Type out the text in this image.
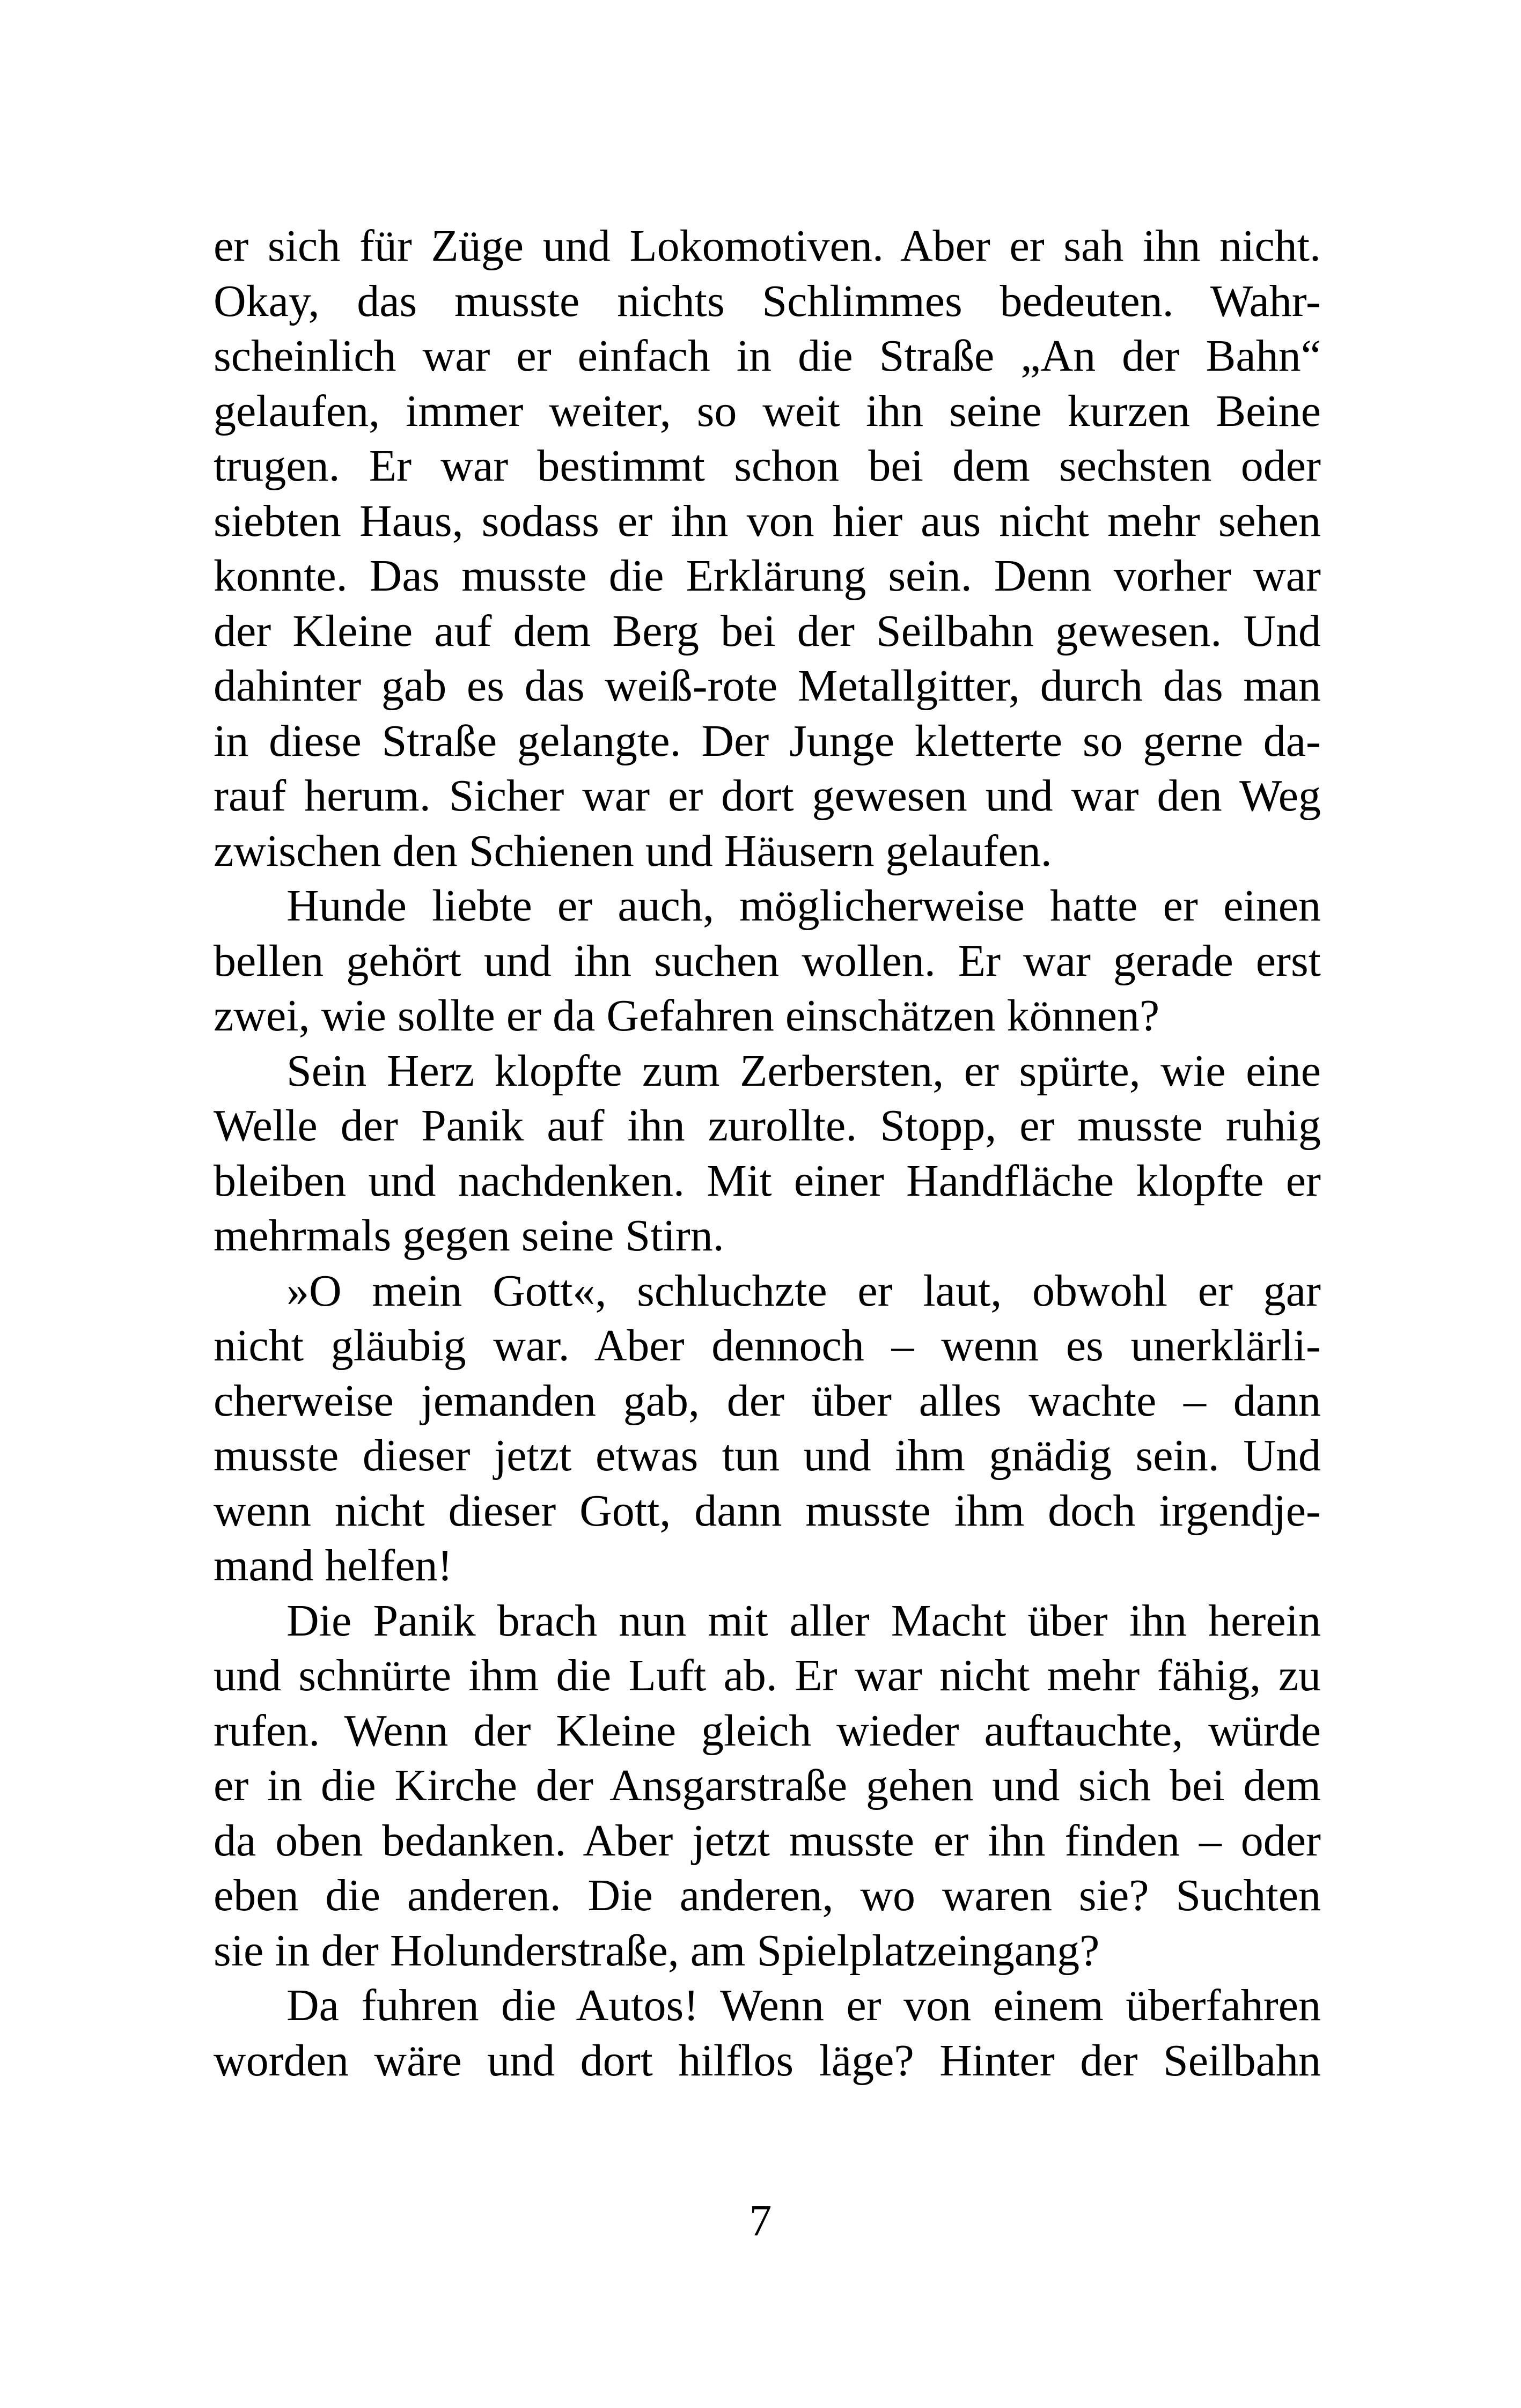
er sich für Züge und Lokomotiven. Aber er sah ihn nicht.
Okay, das musste nichts Schlimmes bedeuten. Wahr-
scheinlich war er einfach in die Straße „An der Bahn“
gelaufen, immer weiter, so weit ihn seine kurzen Beine
trugen. Er war bestimmt schon bei dem sechsten oder
siebten Haus, sodass er ihn von hier aus nicht mehr sehen
konnte. Das musste die Erklärung sein. Denn vorher war
der Kleine auf dem Berg bei der Seilbahn gewesen. Und
dahinter gab es das weiß-rote Metallgitter, durch das man
in diese Straße gelangte. Der Junge kletterte so gerne da-
rauf herum. Sicher war er dort gewesen und war den Weg
zwischen den Schienen und Häusern gelaufen.

Hunde liebte er auch, möglicherweise hatte er einen
bellen gehört und ihn suchen wollen. Er war gerade erst
zwei, wie sollte er da Gefahren einschätzen können?

Sein Herz klopfte zum Zerbersten, er spürte, wie eine
Welle der Panik auf ihn zurollte. Stopp, er musste ruhig
bleiben und nachdenken. Mit einer Handfläche klopfte er
mehrmals gegen seine Stirn.

»O mein Gott«, schluchzte er laut, obwohl er gar
nicht gläubig war. Aber dennoch – wenn es unerklärli-
cherweise jemanden gab, der über alles wachte – dann
musste dieser jetzt etwas tun und ihm gnädig sein. Und
wenn nicht dieser Gott, dann musste ihm doch irgendje-
mand helfen!

Die Panik brach nun mit aller Macht über ihn herein
und schnürte ihm die Luft ab. Er war nicht mehr fähig, zu
rufen. Wenn der Kleine gleich wieder auftauchte, würde
er in die Kirche der Ansgarstraße gehen und sich bei dem
da oben bedanken. Aber jetzt musste er ihn finden – oder
eben die anderen. Die anderen, wo waren sie? Suchten
sie in der Holunderstraße, am Spielplatzeingang?

Da fuhren die Autos! Wenn er von einem überfahren
worden wäre und dort hilflos läge? Hinter der Seilbahn

7
